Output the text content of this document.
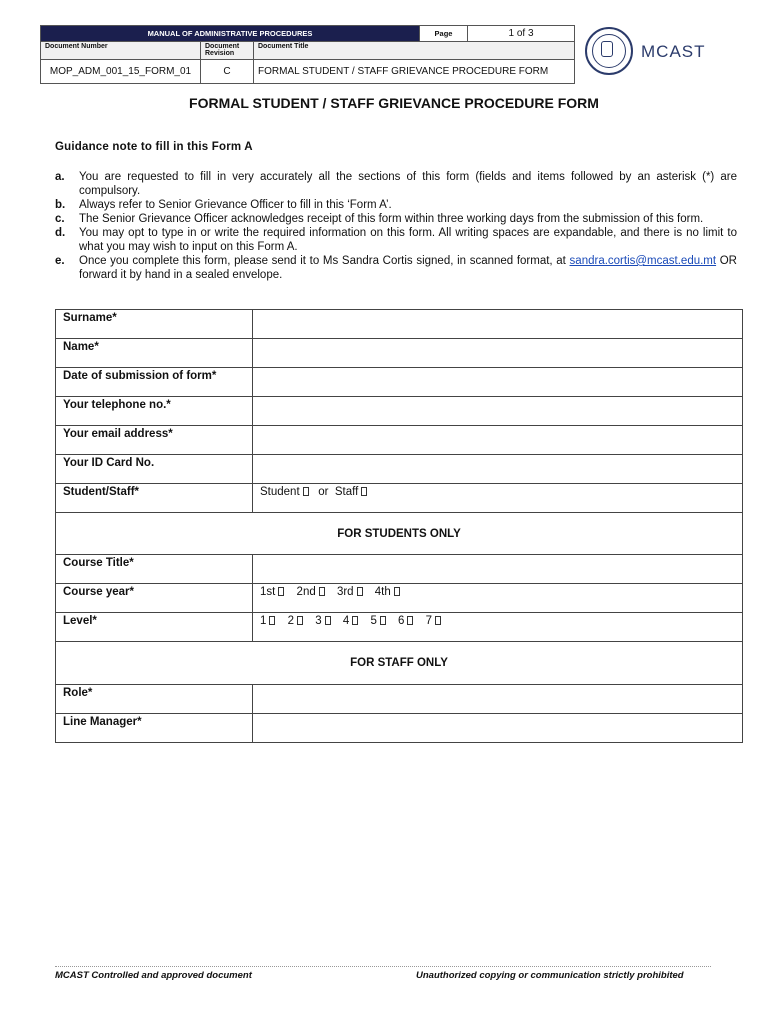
MANUAL OF ADMINISTRATIVE PROCEDURES			Page	1 of 3
Document Number	Document Revision	Document Title		
MOP_ADM_001_15_FORM_01	C	FORMAL STUDENT / STAFF GRIEVANCE PROCEDURE FORM		
MCAST
FORMAL STUDENT / STAFF GRIEVANCE PROCEDURE FORM
Guidance note to fill in this Form A
a.	You are requested to fill in very accurately all the sections of this form (fields and items followed by an asterisk (*) are compulsory.
b.	Always refer to Senior Grievance Officer to fill in this ‘Form A’.
c.	The Senior Grievance Officer acknowledges receipt of this form within three working days from the submission of this form.
d.	You may opt to type in or write the required information on this form. All writing spaces are expandable, and there is no limit to what you may wish to input on this Form A.
e.	Once you complete this form, please send it to Ms Sandra Cortis signed, in scanned format, at sandra.cortis@mcast.edu.mt OR forward it by hand in a sealed envelope.
Surname*	
Name*	
Date of submission of form*	
Your telephone no.*	
Your email address*	
Your ID Card No.	
Student/Staff*	Student or Staff
FOR STUDENTS ONLY	
Course Title*	
Course year*	1st 2nd 3rd 4th
Level*	1 2 3 4 5 6 7
FOR STAFF ONLY	
Role*	
Line Manager*	
MCAST Controlled and approved document	Unauthorized copying or communication strictly prohibited
